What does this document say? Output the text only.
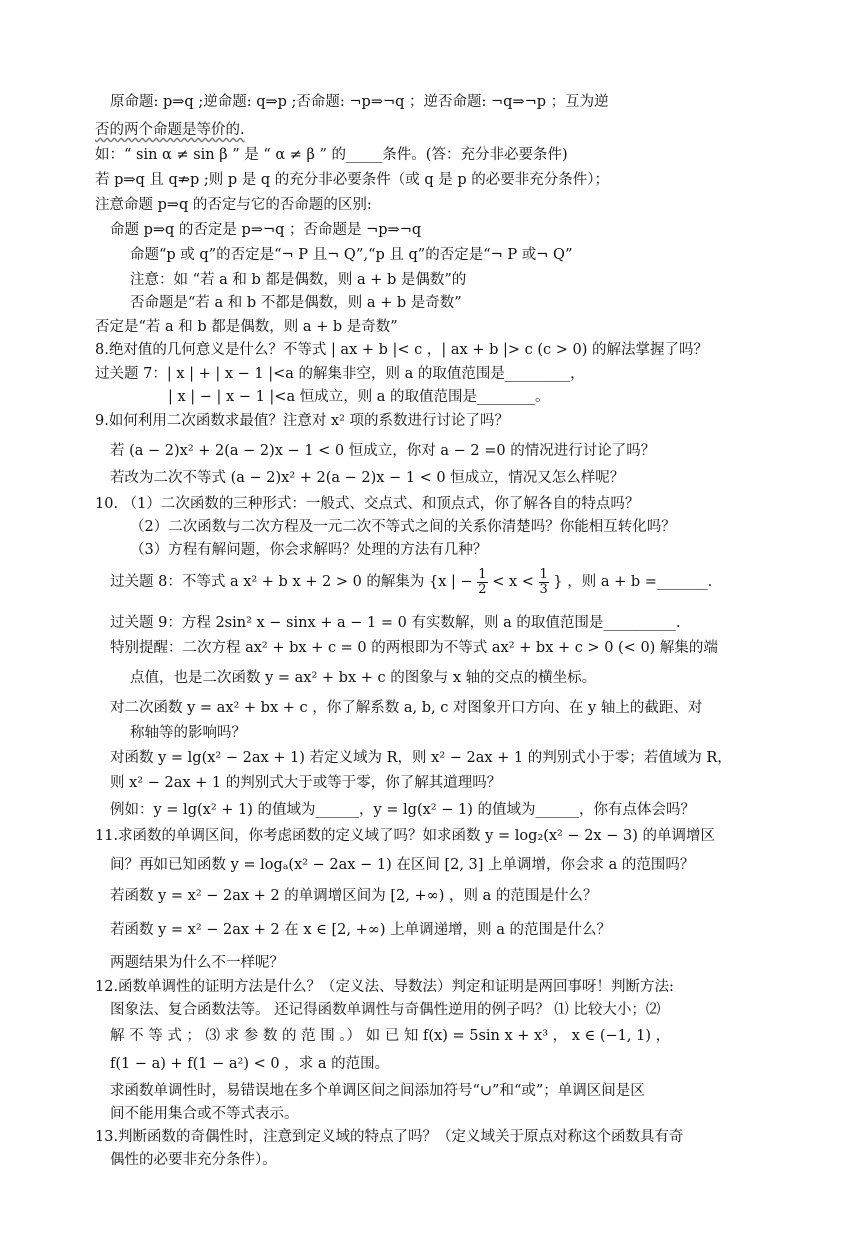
原命题: p⇒q ;逆命题: q⇒p ;否命题: ¬p⇒¬q ；逆否命题: ¬q⇒¬p ；互为逆
否的两个命题是等价的.
如：“ sin α ≠ sin β ” 是 “ α ≠ β ” 的_____条件。(答：充分非必要条件)
若 p⇒q 且 q⇏p ;则 p 是 q 的充分非必要条件（或 q 是 p 的必要非充分条件）；
注意命题 p⇒q 的否定与它的否命题的区别:
命题 p⇒q 的否定是 p⇒¬q ；否命题是 ¬p⇒¬q
命题“p 或 q”的否定是“¬ P 且¬ Q”,“p 且 q”的否定是“¬ P 或¬ Q”
注意：如 “若 a 和 b 都是偶数，则 a + b 是偶数”的
否命题是“若 a 和 b 不都是偶数，则 a + b 是奇数”
否定是“若 a 和 b 都是偶数，则 a + b 是奇数”
8.绝对值的几何意义是什么？不等式 | ax + b |< c ，| ax + b |> c (c > 0) 的解法掌握了吗？
过关题 7：| x | + | x − 1 |<a 的解集非空，则 a 的取值范围是_________，
| x | − | x − 1 |<a 恒成立，则 a 的取值范围是________。
9.如何利用二次函数求最值？注意对 x² 项的系数进行讨论了吗？
若 (a − 2)x² + 2(a − 2)x − 1 < 0 恒成立，你对 a − 2 =0 的情况进行讨论了吗？
若改为二次不等式 (a − 2)x² + 2(a − 2)x − 1 < 0 恒成立，情况又怎么样呢？
10. （1）二次函数的三种形式：一般式、交点式、和顶点式，你了解各自的特点吗？
（2）二次函数与二次方程及一元二次不等式之间的关系你清楚吗？你能相互转化吗？
（3）方程有解问题，你会求解吗？处理的方法有几种？
过关题 8：不等式 a x² + b x + 2 > 0 的解集为 {x | − $\frac{1}{2} < x < \frac{1}{3}$ } ，则 a + b =_______.
过关题 9：方程 2sin² x − sinx + a − 1 = 0 有实数解，则 a 的取值范围是__________.
特别提醒：二次方程 ax² + bx + c = 0 的两根即为不等式 ax² + bx + c > 0 (< 0) 解集的端
点值，也是二次函数 y = ax² + bx + c 的图象与 x 轴的交点的横坐标。
对二次函数 y = ax² + bx + c ，你了解系数 a, b, c 对图象开口方向、在 y 轴上的截距、对
称轴等的影响吗？
对函数 y = lg(x² − 2ax + 1) 若定义域为 R，则 x² − 2ax + 1 的判别式小于零；若值域为 R，
则 x² − 2ax + 1 的判别式大于或等于零，你了解其道理吗？
例如：y = lg(x² + 1) 的值域为______，y = lg(x² − 1) 的值域为______，你有点体会吗？
11.求函数的单调区间，你考虑函数的定义域了吗？如求函数 y = log₂(x² − 2x − 3) 的单调增区
间？再如已知函数 y = logₐ(x² − 2ax − 1) 在区间 [2, 3] 上单调增，你会求 a 的范围吗？
若函数 y = x² − 2ax + 2 的单调增区间为 [2, +∞) ，则 a 的范围是什么？
若函数 y = x² − 2ax + 2 在 x ∈ [2, +∞) 上单调递增，则 a 的范围是什么？
两题结果为什么不一样呢？
12.函数单调性的证明方法是什么？（定义法、导数法）判定和证明是两回事呀！判断方法:
图象法、复合函数法等。 还记得函数单调性与奇偶性逆用的例子吗？ ⑴ 比较大小；⑵
解 不 等 式 ； ⑶ 求 参 数 的 范 围 。） 如 已 知 f(x) = 5sin x + x³ ， x ∈ (−1, 1) ，
f(1 − a) + f(1 − a²) < 0 ，求 a 的范围。
求函数单调性时，易错误地在多个单调区间之间添加符号“∪”和“或”；单调区间是区
间不能用集合或不等式表示。
13.判断函数的奇偶性时，注意到定义域的特点了吗？（定义域关于原点对称这个函数具有奇
偶性的必要非充分条件）。
